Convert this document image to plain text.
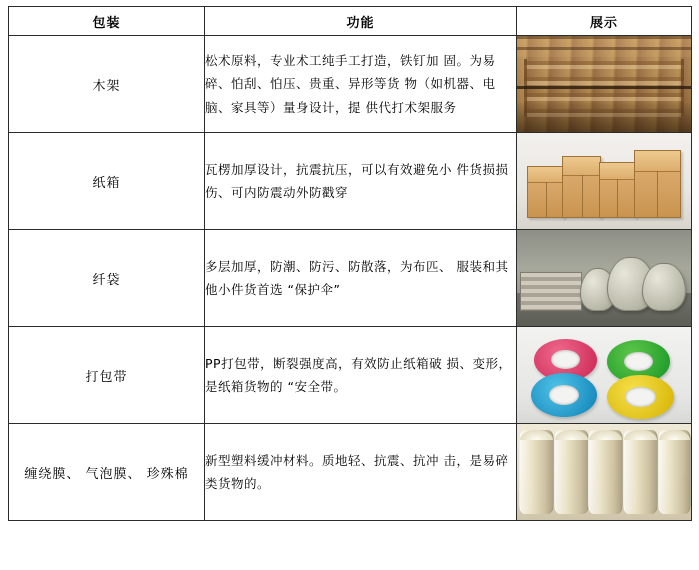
包装	功能	展示
木架	松术原料，专业术工纯手工打造，铁钉加 固。为易碎、怕刮、怕压、贵重、异形等货 物（如机器、电脑、家具等）量身设计，提 供代打术架服务	

纸箱	瓦楞加厚设计，抗震抗压，可以有效避免小 件货损损伤、可内防震动外防戳穿	

纤袋	多层加厚，防潮、防污、防散落，为布匹、 服装和其他小件货首选 “保护伞”	

打包带	PP打包带，断裂强度高，有效防止纸箱破 损、变形，是纸箱货物的 “安全带。	

缠绕膜、 气泡膜、 珍殊棉	新型塑料缓冲材料。质地轻、抗震、抗冲 击，是易碎类货物的。	
